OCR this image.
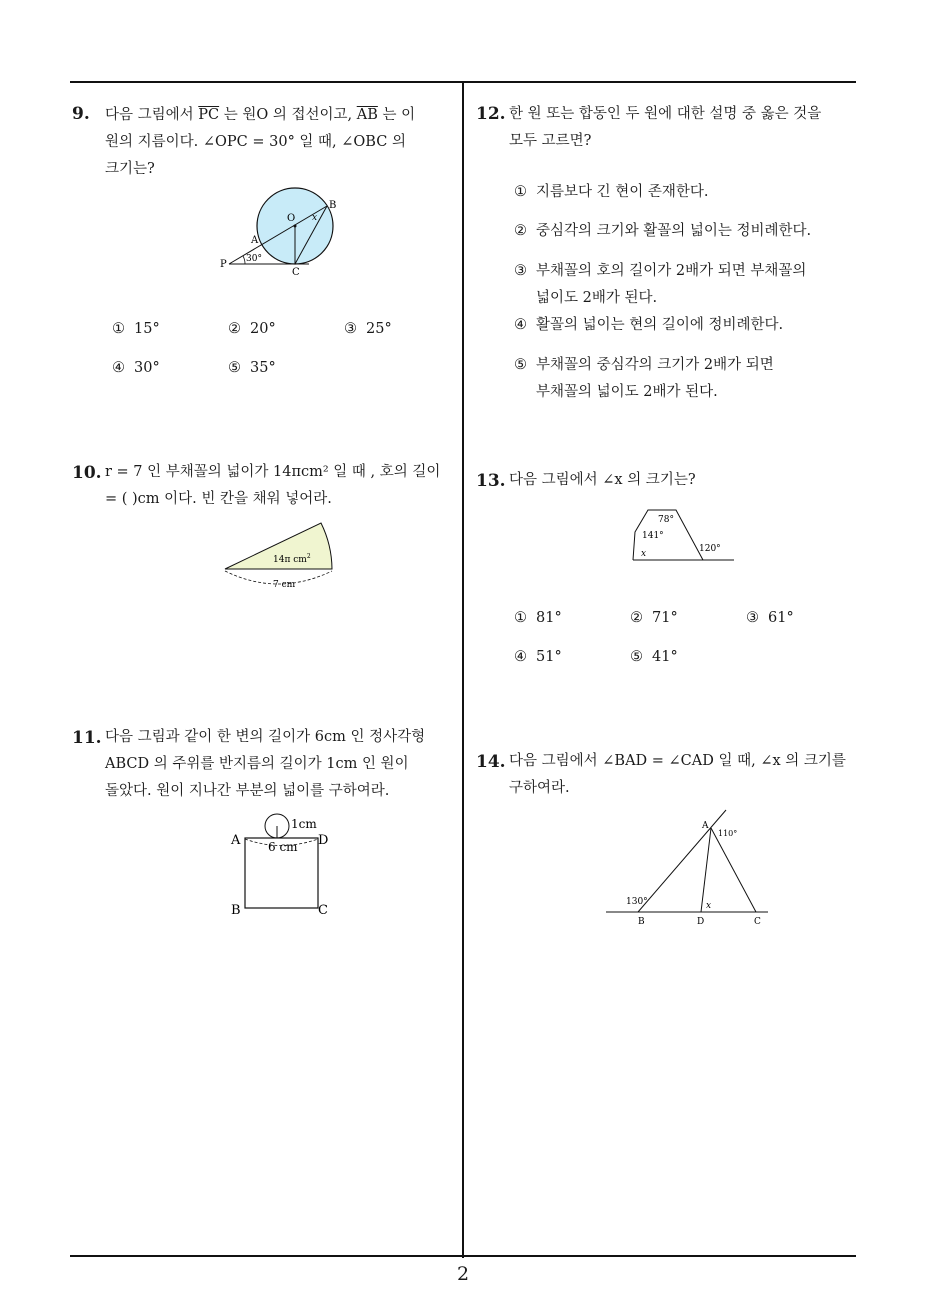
9. 다음 그림에서 $\overline{PC}$ 는 원O 의 접선이고, $\overline{AB}$ 는 이
원의 지름이다. ∠OPC = 30° 일 때, ∠OBC 의
크기는?
O
B
A
P
C
30°
x
① 15°	② 20°	③ 25°
④ 30°	⑤ 35°
10. r = 7 인 부채꼴의 넓이가 14πcm² 일 때 , 호의 길이
= ( )cm 이다. 빈 칸을 채워 넣어라.
14π $cm^2$
7 cm
11. 다음 그림과 같이 한 변의 길이가 6cm 인 정사각형
ABCD 의 주위를 반지름의 길이가 1cm 인 원이
돌았다. 원이 지나간 부분의 넓이를 구하여라.
A	D
B	C
1cm
6 cm
12. 한 원 또는 합동인 두 원에 대한 설명 중 옳은 것을
모두 고르면?
① 지름보다 긴 현이 존재한다.
② 중심각의 크기와 활꼴의 넓이는 정비례한다.
③ 부채꼴의 호의 길이가 2배가 되면 부채꼴의
넓이도 2배가 된다.
④ 활꼴의 넓이는 현의 길이에 정비례한다.
⑤ 부채꼴의 중심각의 크기가 2배가 되면
부채꼴의 넓이도 2배가 된다.
13. 다음 그림에서 ∠x 의 크기는?
78°
141°
120°
x
① 81°	② 71°	③ 61°
④ 51°	⑤ 41°
14. 다음 그림에서 ∠BAD = ∠CAD 일 때, ∠x 의 크기를
구하여라.
A
110°
130°	x
B	D	C
2
